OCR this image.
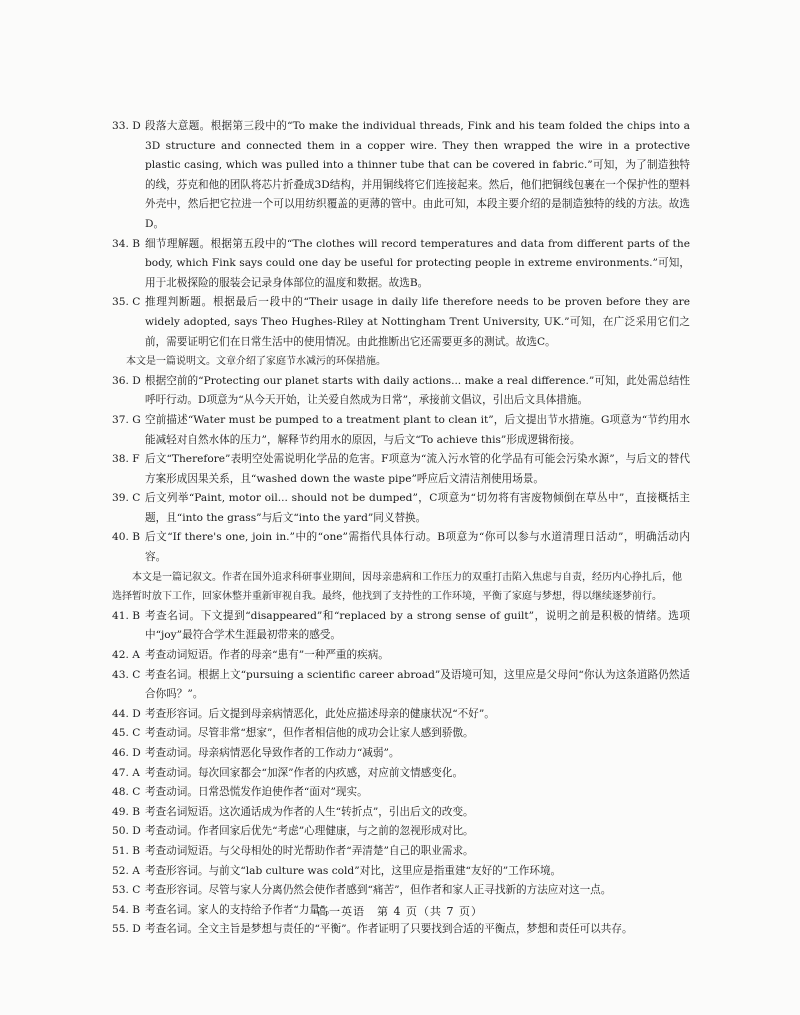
33. D 段落大意题。根据第三段中的“To make the individual threads, Fink and his team folded the chips into a 3D structure and connected them in a copper wire. They then wrapped the wire in a protective plastic casing, which was pulled into a thinner tube that can be covered in fabric.”可知，为了制造独特的线，芬克和他的团队将芯片折叠成3D结构，并用铜线将它们连接起来。然后，他们把铜线包裹在一个保护性的塑料外壳中，然后把它拉进一个可以用纺织覆盖的更薄的管中。由此可知，本段主要介绍的是制造独特的线的方法。故选D。
34. B 细节理解题。根据第五段中的“The clothes will record temperatures and data from different parts of the body, which Fink says could one day be useful for protecting people in extreme environments.”可知，用于北极探险的服装会记录身体部位的温度和数据。故选B。
35. C 推理判断题。根据最后一段中的“Their usage in daily life therefore needs to be proven before they are widely adopted, says Theo Hughes-Riley at Nottingham Trent University, UK.”可知，在广泛采用它们之前，需要证明它们在日常生活中的使用情况。由此推断出它还需要更多的测试。故选C。
本文是一篇说明文。文章介绍了家庭节水减污的环保措施。
36. D 根据空前的“Protecting our planet starts with daily actions... make a real difference.”可知，此处需总结性呼吁行动。D项意为“从今天开始，让关爱自然成为日常”，承接前文倡议，引出后文具体措施。
37. G 空前描述“Water must be pumped to a treatment plant to clean it”，后文提出节水措施。G项意为“节约用水能减轻对自然水体的压力”，解释节约用水的原因，与后文“To achieve this”形成逻辑衔接。
38. F 后文“Therefore”表明空处需说明化学品的危害。F项意为“流入污水管的化学品有可能会污染水源”，与后文的替代方案形成因果关系，且“washed down the waste pipe”呼应后文清洁剂使用场景。
39. C 后文列举“Paint, motor oil... should not be dumped”，C项意为“切勿将有害废物倾倒在草丛中”，直接概括主题，且“into the grass”与后文“into the yard”同义替换。
40. B 后文“If there's one, join in.”中的“one”需指代具体行动。B项意为“你可以参与水道清理日活动”，明确活动内容。
本文是一篇记叙文。作者在国外追求科研事业期间，因母亲患病和工作压力的双重打击陷入焦虑与自责，经历内心挣扎后，他选择暂时放下工作，回家休整并重新审视自我。最终，他找到了支持性的工作环境，平衡了家庭与梦想，得以继续逐梦前行。
41. B 考查名词。下文提到“disappeared”和“replaced by a strong sense of guilt”，说明之前是积极的情绪。选项中“joy”最符合学术生涯最初带来的感受。
42. A 考查动词短语。作者的母亲“患有”一种严重的疾病。
43. C 考查名词。根据上文“pursuing a scientific career abroad”及语境可知，这里应是父母问“你认为这条道路仍然适合你吗？”。
44. D 考查形容词。后文提到母亲病情恶化，此处应描述母亲的健康状况“不好”。
45. C 考查动词。尽管非常“想家”，但作者相信他的成功会让家人感到骄傲。
46. D 考查动词。母亲病情恶化导致作者的工作动力“减弱”。
47. A 考查动词。每次回家都会“加深”作者的内疚感，对应前文情感变化。
48. C 考查动词。日常恐慌发作迫使作者“面对”现实。
49. B 考查名词短语。这次通话成为作者的人生“转折点”，引出后文的改变。
50. D 考查动词。作者回家后优先“考虑”心理健康，与之前的忽视形成对比。
51. B 考查动词短语。与父母相处的时光帮助作者“弄清楚”自己的职业需求。
52. A 考查形容词。与前文“lab culture was cold”对比，这里应是指重建“友好的”工作环境。
53. C 考查形容词。尽管与家人分离仍然会使作者感到“痛苦”，但作者和家人正寻找新的方法应对这一点。
54. B 考查名词。家人的支持给予作者“力量”。
55. D 考查名词。全文主旨是梦想与责任的“平衡”。作者证明了只要找到合适的平衡点，梦想和责任可以共存。
高一英语　第 4 页（共 7 页）
